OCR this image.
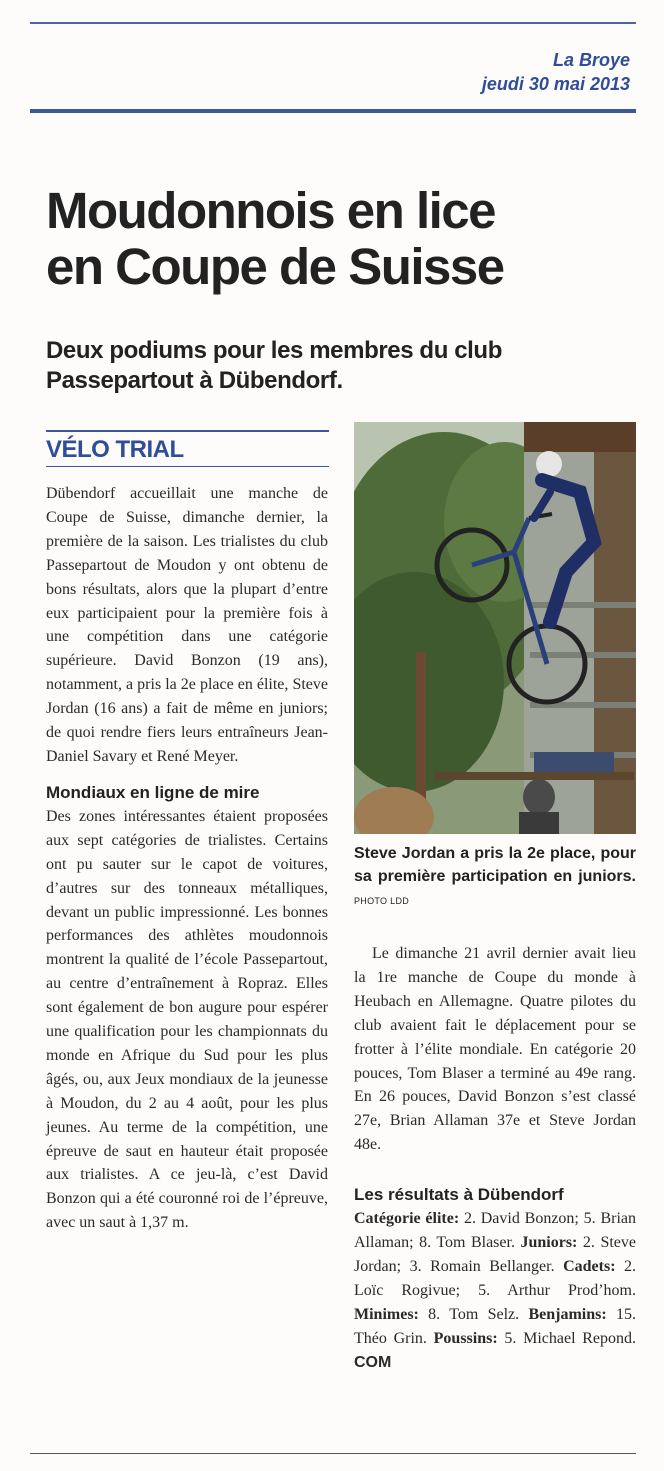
La Broye
jeudi 30 mai 2013
Moudonnois en lice
en Coupe de Suisse
Deux podiums pour les membres du club Passepartout à Dübendorf.
VÉLO TRIAL

Dübendorf accueillait une manche de Coupe de Suisse, dimanche dernier, la première de la saison. Les trialistes du club Passepartout de Moudon y ont obtenu de bons résultats, alors que la plupart d’entre eux participaient pour la première fois à une compétition dans une catégorie supérieure. David Bonzon (19 ans), notamment, a pris la 2e place en élite, Steve Jordan (16 ans) a fait de même en juniors; de quoi rendre fiers leurs entraîneurs Jean-Daniel Savary et René Meyer.

Mondiaux en ligne de mire

Des zones intéressantes étaient proposées aux sept catégories de trialistes. Certains ont pu sauter sur le capot de voitures, d’autres sur des tonneaux métalliques, devant un public impressionné. Les bonnes performances des athlètes moudonnois montrent la qualité de l’école Passepartout, au centre d’entraînement à Ropraz. Elles sont également de bon augure pour espérer une qualification pour les championnats du monde en Afrique du Sud pour les plus âgés, ou, aux Jeux mondiaux de la jeunesse à Moudon, du 2 au 4 août, pour les plus jeunes. Au terme de la compétition, une épreuve de saut en hauteur était proposée aux trialistes. A ce jeu-là, c’est David Bonzon qui a été couronné roi de l’épreuve, avec un saut à 1,37 m.

Steve Jordan a pris la 2e place, pour sa première participation en juniors. PHOTO LDD

Le dimanche 21 avril dernier avait lieu la 1re manche de Coupe du monde à Heubach en Allemagne. Quatre pilotes du club avaient fait le déplacement pour se frotter à l’élite mondiale. En catégorie 20 pouces, Tom Blaser a terminé au 49e rang. En 26 pouces, David Bonzon s’est classé 27e, Brian Allaman 37e et Steve Jordan 48e.

Les résultats à Dübendorf

Catégorie élite: 2. David Bonzon; 5. Brian Allaman; 8. Tom Blaser. Juniors: 2. Steve Jordan; 3. Romain Bellanger. Cadets: 2. Loïc Rogivue; 5. Arthur Prod’hom. Minimes: 8. Tom Selz. Benjamins: 15. Théo Grin. Poussins: 5. Michael Repond. COM
